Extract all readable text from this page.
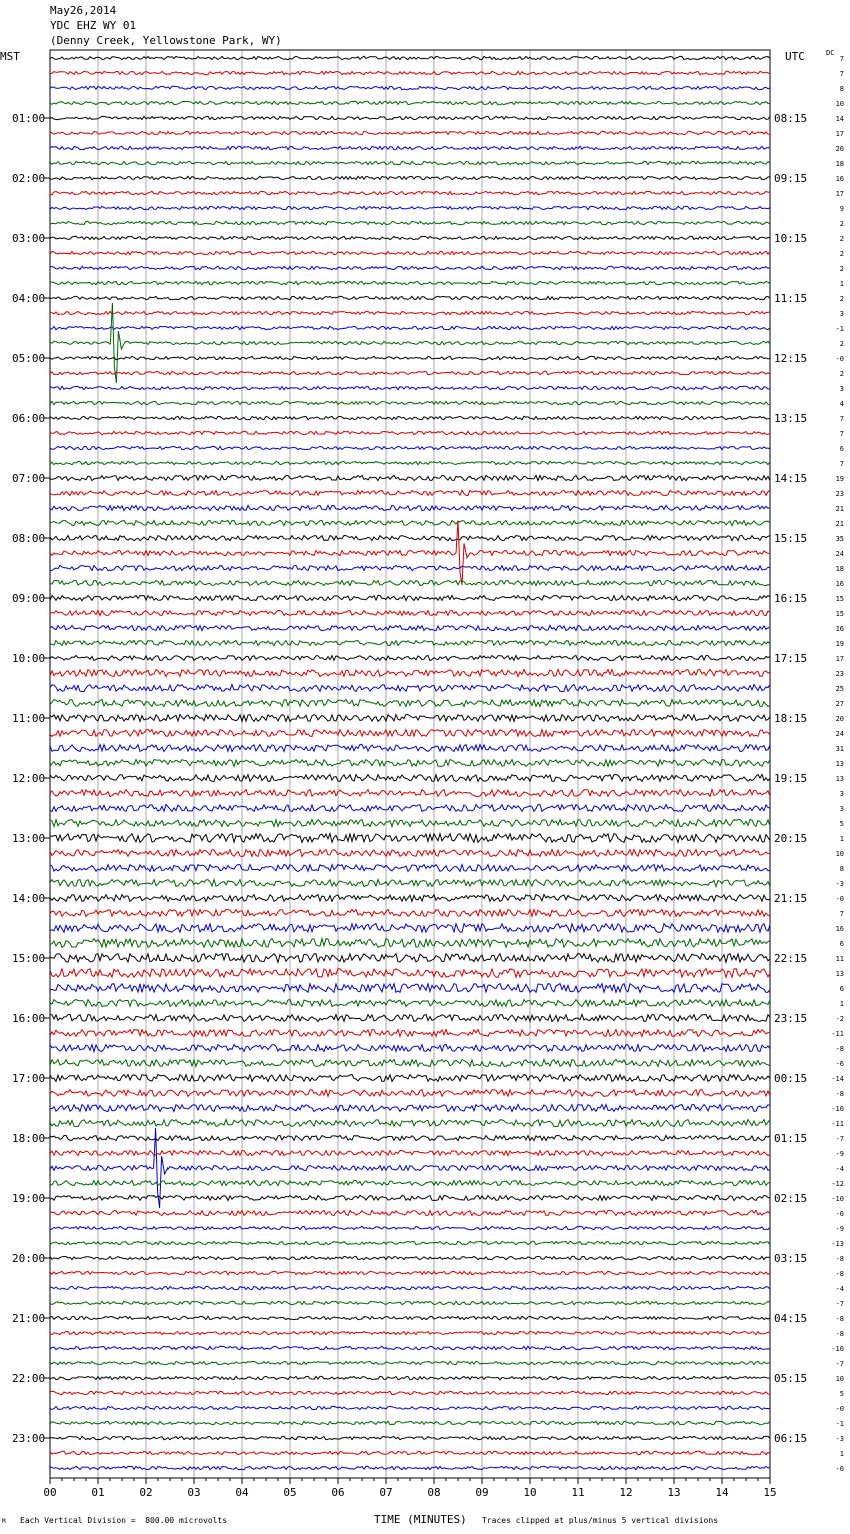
May26,2014
YDC EHZ WY 01
(Denny Creek, Yellowstone Park, WY)
MST	UTC	DC
01:00
02:00
03:00
04:00
05:00
06:00
07:00
08:00
09:00
10:00
11:00
12:00
13:00
14:00
15:00
16:00
17:00
18:00
19:00
20:00
21:00
22:00
23:00
08:15
09:15
10:15
11:15
12:15
13:15
14:15
15:15
16:15
17:15
18:15
19:15
20:15
21:15
22:15
23:15
00:15
01:15
02:15
03:15
04:15
05:15
06:15
7
7
8
10
14
17
20
18
16
17
9
2
2
2
2
1
2
3
-1
2
-0
2
3
4
7
7
6
7
19
23
21
21
35
24
18
16
15
15
16
19
17
23
25
27
20
24
31
13
13
3
3
5
1
10
8
-3
-0
7
16
6
11
13
6
1
-2
-11
-8
-6
-14
-8
-10
-11
-7
-9
-4
-12
-10
-6
-9
-13
-8
-8
-4
-7
-8
-8
-10
-7
10
5
-0
-1
-3
1
-0
00	01	02	03	04	05	06	07	08	09	10	11	12	13	14	15
M Each Vertical Division =  800.00 microvolts	TIME (MINUTES) Traces clipped at plus/minus 5 vertical divisions
